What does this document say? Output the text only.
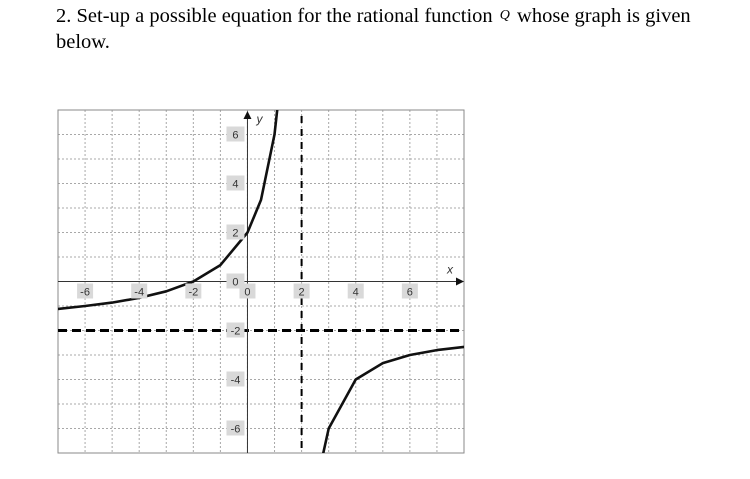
2. Set-up a possible equation for the rational function Q whose graph is given below.
-6	-4	-2	0	2	4	6
6
4
2
0
-2
-4
-6
x
y
